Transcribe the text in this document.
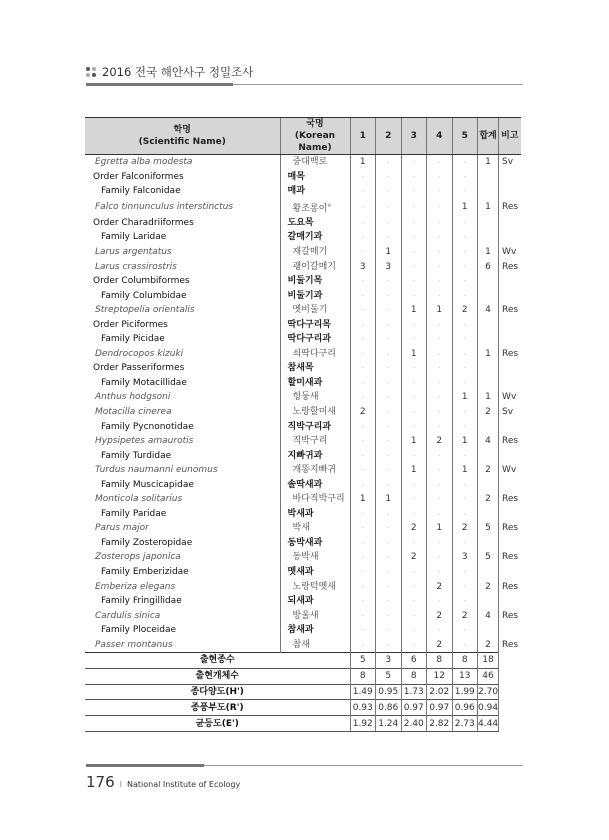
2016 전국 해안사구 정밀조사
학명
(Scientific Name)	국명
(Korean Name)	1	2	3	4	5	합계	비고
Egretta alba modesta	중대백로	1	-	-	-	-	1	Sv
Order Falconiformes	매목	-	-	-	-	-		
Family Falconidae	매과	-	-	-	-	-		
Falco tinnunculus interstinctus	황조롱이※	-	-	-	-	1	1	Res
Order Charadriiformes	도요목	-	-	-	-	-		
Family Laridae	갈매기과	-	-	-	-	-		
Larus argentatus	재갈매기	-	1	-	-	-	1	Wv
Larus crassirostris	괭이갈매기	3	3	-	-	-	6	Res
Order Columbiformes	비둘기목	-	-	-	-	-		
Family Columbidae	비둘기과	-	-	-	-	-		
Streptopelia orientalis	멧비둘기	-	-	1	1	2	4	Res
Order Piciformes	딱다구리목	-	-	-	-	-		
Family Picidae	딱다구리과	-	-	-	-	-		
Dendrocopos kizuki	쇠딱다구리	-	-	1	-	-	1	Res
Order Passeriformes	참새목	-	-	-	-	-		
Family Motacillidae	할미새과	-	-	-	-	-		
Anthus hodgsoni	힝둥새	-	-	-	-	1	1	Wv
Motacilla cinerea	노랑할미새	2	-	-	-	-	2	Sv
Family Pycnonotidae	직박구리과	-	-	-	-	-		
Hypsipetes amaurotis	직박구리	-	-	1	2	1	4	Res
Family Turdidae	지빠귀과	-	-	-	-	-		
Turdus naumanni eunomus	개똥지빠귀	-	-	1	-	1	2	Wv
Family Muscicapidae	솔딱새과	-	-	-	-	-		
Monticola solitarius	바다직박구리	1	1	-	-	-	2	Res
Family Paridae	박새과	-	-	-	-	-		
Parus major	박새	-	-	2	1	2	5	Res
Family Zosteropidae	동박새과	-	-	-	-	-		
Zosterops japonica	동박새	-	-	2	-	3	5	Res
Family Emberizidae	멧새과	-	-	-	-	-		
Emberiza elegans	노랑턱멧새	-	-	-	2	-	2	Res
Family Fringillidae	되새과	-	-	-	-	-		
Cardulis sinica	방울새	-	-	-	2	2	4	Res
Family Ploceidae	참새과	-	-	-	-	-		
Passer montanus	참새	-	-	-	2	-	2	Res
출현종수		5	3	6	8	8	18	
출현개체수		8	5	8	12	13	46	
종다양도(H')		1.49	0.95	1.73	2.02	1.99	2.70	
종풍부도(R')		0.93	0.86	0.97	0.97	0.96	0.94	
균등도(E')		1.92	1.24	2.40	2.82	2.73	4.44	
176 I National Institute of Ecology
